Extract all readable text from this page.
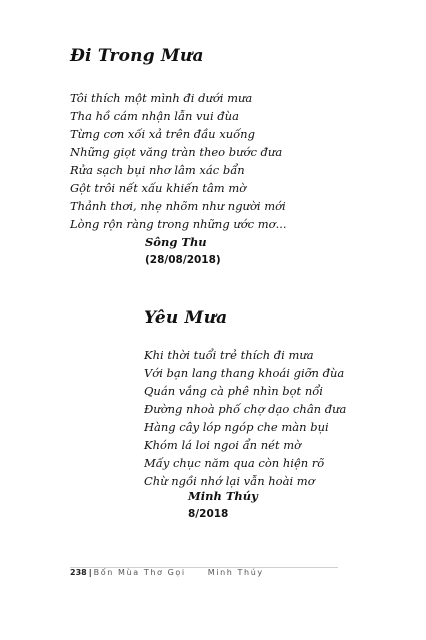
Đi Trong Mưa
Tôi thích một mình đi dưới mưa
Tha hồ cám nhận lẫn vui đùa
Từng cơn xối xả trên đầu xuống
Những giọt văng tràn theo bước đưa
Rửa sạch bụi nhơ lâm xác bẩn
Gột trôi nết xấu khiến tâm mờ
Thảnh thơi, nhẹ nhõm như người mới
Lòng rộn ràng trong những ước mơ...
Sông Thu
(28/08/2018)
Yêu Mưa
Khi thời tuổi trẻ thích đi mưa
Với bạn lang thang khoái giỡn đùa
Quán vắng cà phê nhìn bọt nổi
Đường nhoà phố chợ dạo chân đưa
Hàng cây lóp ngóp che màn bụi
Khóm lá loi ngoi ẩn nét mờ
Mấy chục năm qua còn hiện rõ
Chừ ngồi nhớ lại vẫn hoài mơ
Minh Thúy
8/2018
238 | Bốn Mùa Thơ Gọi	Minh Thúy
